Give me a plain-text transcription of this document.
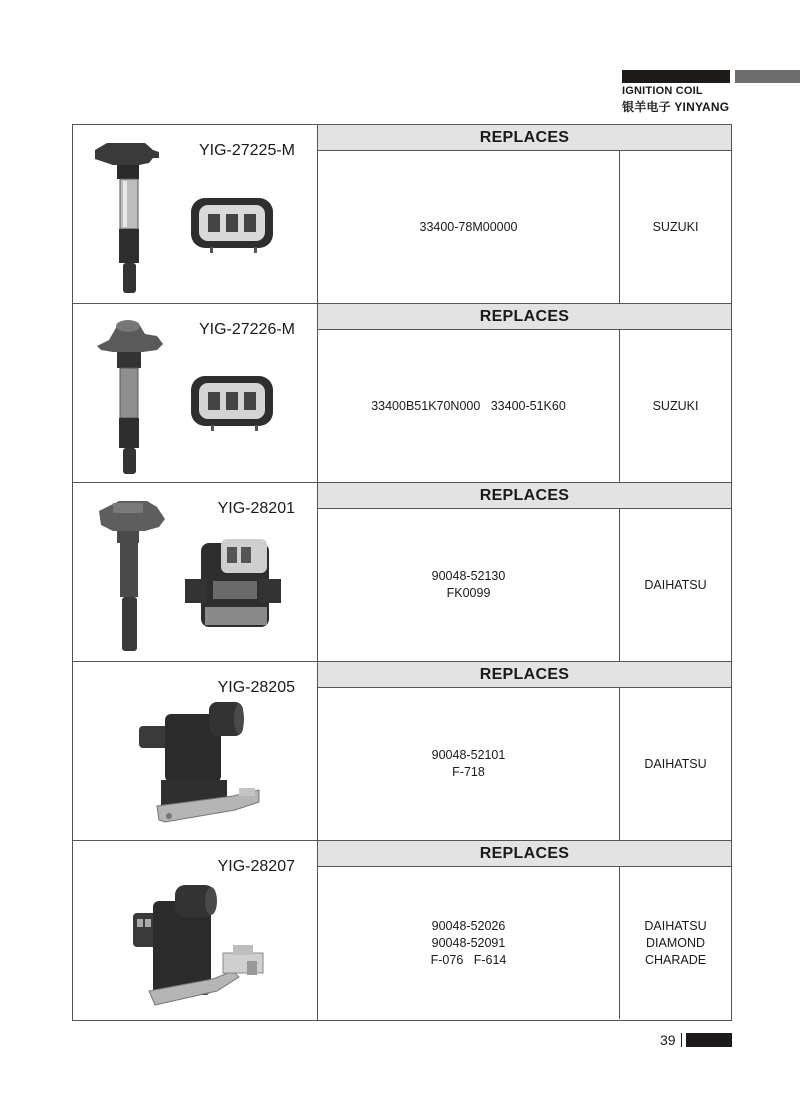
IGNITION COIL
银羊电子 YINYANG
YIG-27225-M
REPLACES
33400-78M00000	SUZUKI
YIG-27226-M
REPLACES
33400B51K70N000   33400-51K60	SUZUKI
YIG-28201
REPLACES
90048-52130
FK0099
DAIHATSU
YIG-28205
REPLACES
90048-52101
F-718
DAIHATSU
YIG-28207
REPLACES
90048-52026
90048-52091
F-076   F-614
DAIHATSU
DIAMOND
CHARADE
39
